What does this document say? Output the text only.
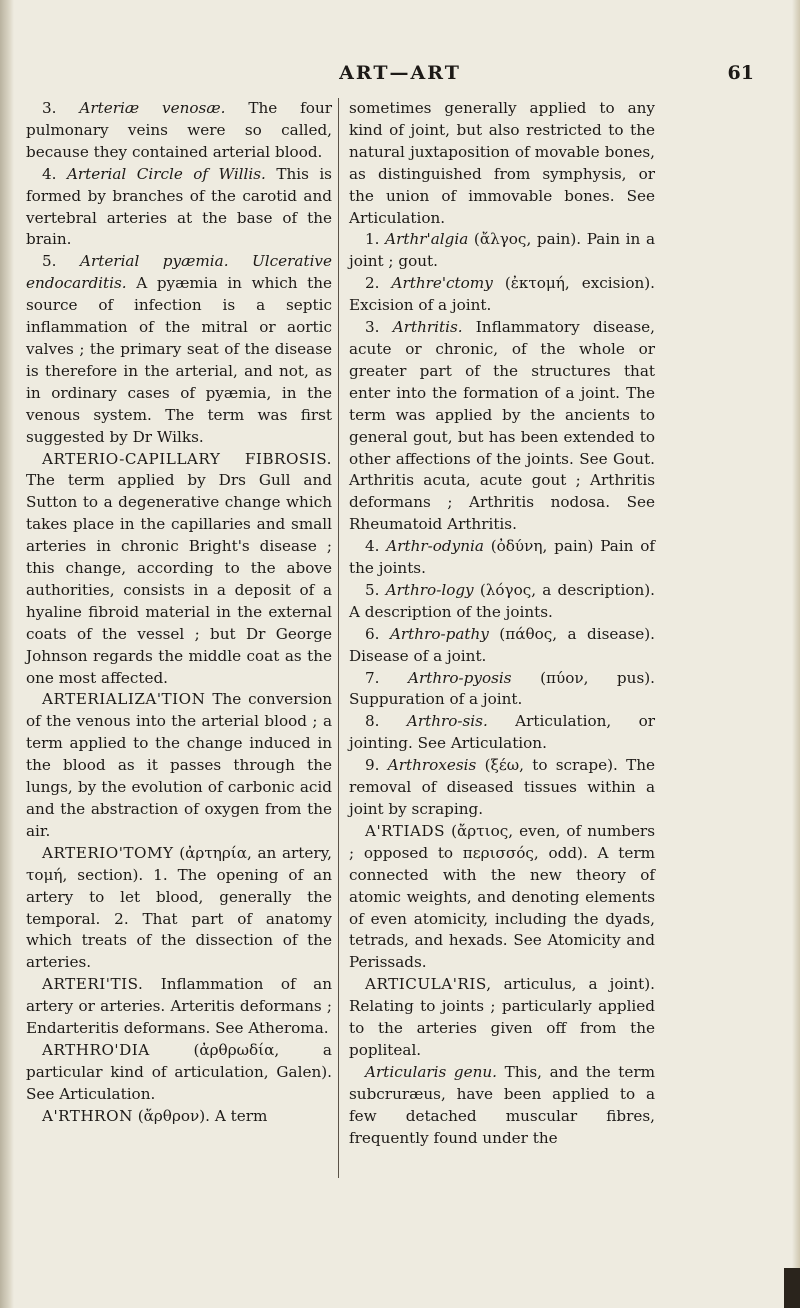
ART—ART	61

3. Arteriæ venosæ. The four pulmonary veins were so called, because they contained arterial blood.

4. Arterial Circle of Willis. This is formed by branches of the carotid and vertebral arteries at the base of the brain.

5. Arterial pyæmia. Ulcerative endocarditis. A pyæmia in which the source of infection is a septic inflammation of the mitral or aortic valves ; the primary seat of the disease is therefore in the arterial, and not, as in ordinary cases of pyæmia, in the venous system. The term was first suggested by Dr Wilks.

ARTERIO-CAPILLARY FIBROSIS. The term applied by Drs Gull and Sutton to a degenerative change which takes place in the capillaries and small arteries in chronic Bright's disease ; this change, according to the above authorities, consists in a deposit of a hyaline fibroid material in the external coats of the vessel ; but Dr George Johnson regards the middle coat as the one most affected.

ARTERIALIZA'TION The conversion of the venous into the arterial blood ; a term applied to the change induced in the blood as it passes through the lungs, by the evolution of carbonic acid and the abstraction of oxygen from the air.

ARTERIO'TOMY (ἀρτηρία, an artery, τομή, section). 1. The opening of an artery to let blood, generally the temporal. 2. That part of anatomy which treats of the dissection of the arteries.

ARTERI'TIS. Inflammation of an artery or arteries. Arteritis deformans ; Endarteritis deformans. See Atheroma.

ARTHRO'DIA (ἀρθρωδία, a particular kind of articulation, Galen). See Articulation.

A'RTHRON (ἄρθρον). A term

sometimes generally applied to any kind of joint, but also restricted to the natural juxtaposition of movable bones, as distinguished from symphysis, or the union of immovable bones. See Articulation.

1. Arthr'algia (ἄλγος, pain). Pain in a joint ; gout.

2. Arthre'ctomy (ἐκτομή, excision). Excision of a joint.

3. Arthritis. Inflammatory disease, acute or chronic, of the whole or greater part of the structures that enter into the formation of a joint. The term was applied by the ancients to general gout, but has been extended to other affections of the joints. See Gout. Arthritis acuta, acute gout ; Arthritis deformans ; Arthritis nodosa. See Rheumatoid Arthritis.

4. Arthr-odynia (ὀδύνη, pain) Pain of the joints.

5. Arthro-logy (λόγος, a description). A description of the joints.

6. Arthro-pathy (πάθος, a disease). Disease of a joint.

7. Arthro-pyosis (πύον, pus). Suppuration of a joint.

8. Arthro-sis. Articulation, or jointing. See Articulation.

9. Arthroxesis (ξέω, to scrape). The removal of diseased tissues within a joint by scraping.

A'RTIADS (ἄρτιος, even, of numbers ; opposed to περισσός, odd). A term connected with the new theory of atomic weights, and denoting elements of even atomicity, including the dyads, tetrads, and hexads. See Atomicity and Perissads.

ARTICULA'RIS, articulus, a joint). Relating to joints ; particularly applied to the arteries given off from the popliteal.

Articularis genu. This, and the term subcruræus, have been applied to a few detached muscular fibres, frequently found under the
